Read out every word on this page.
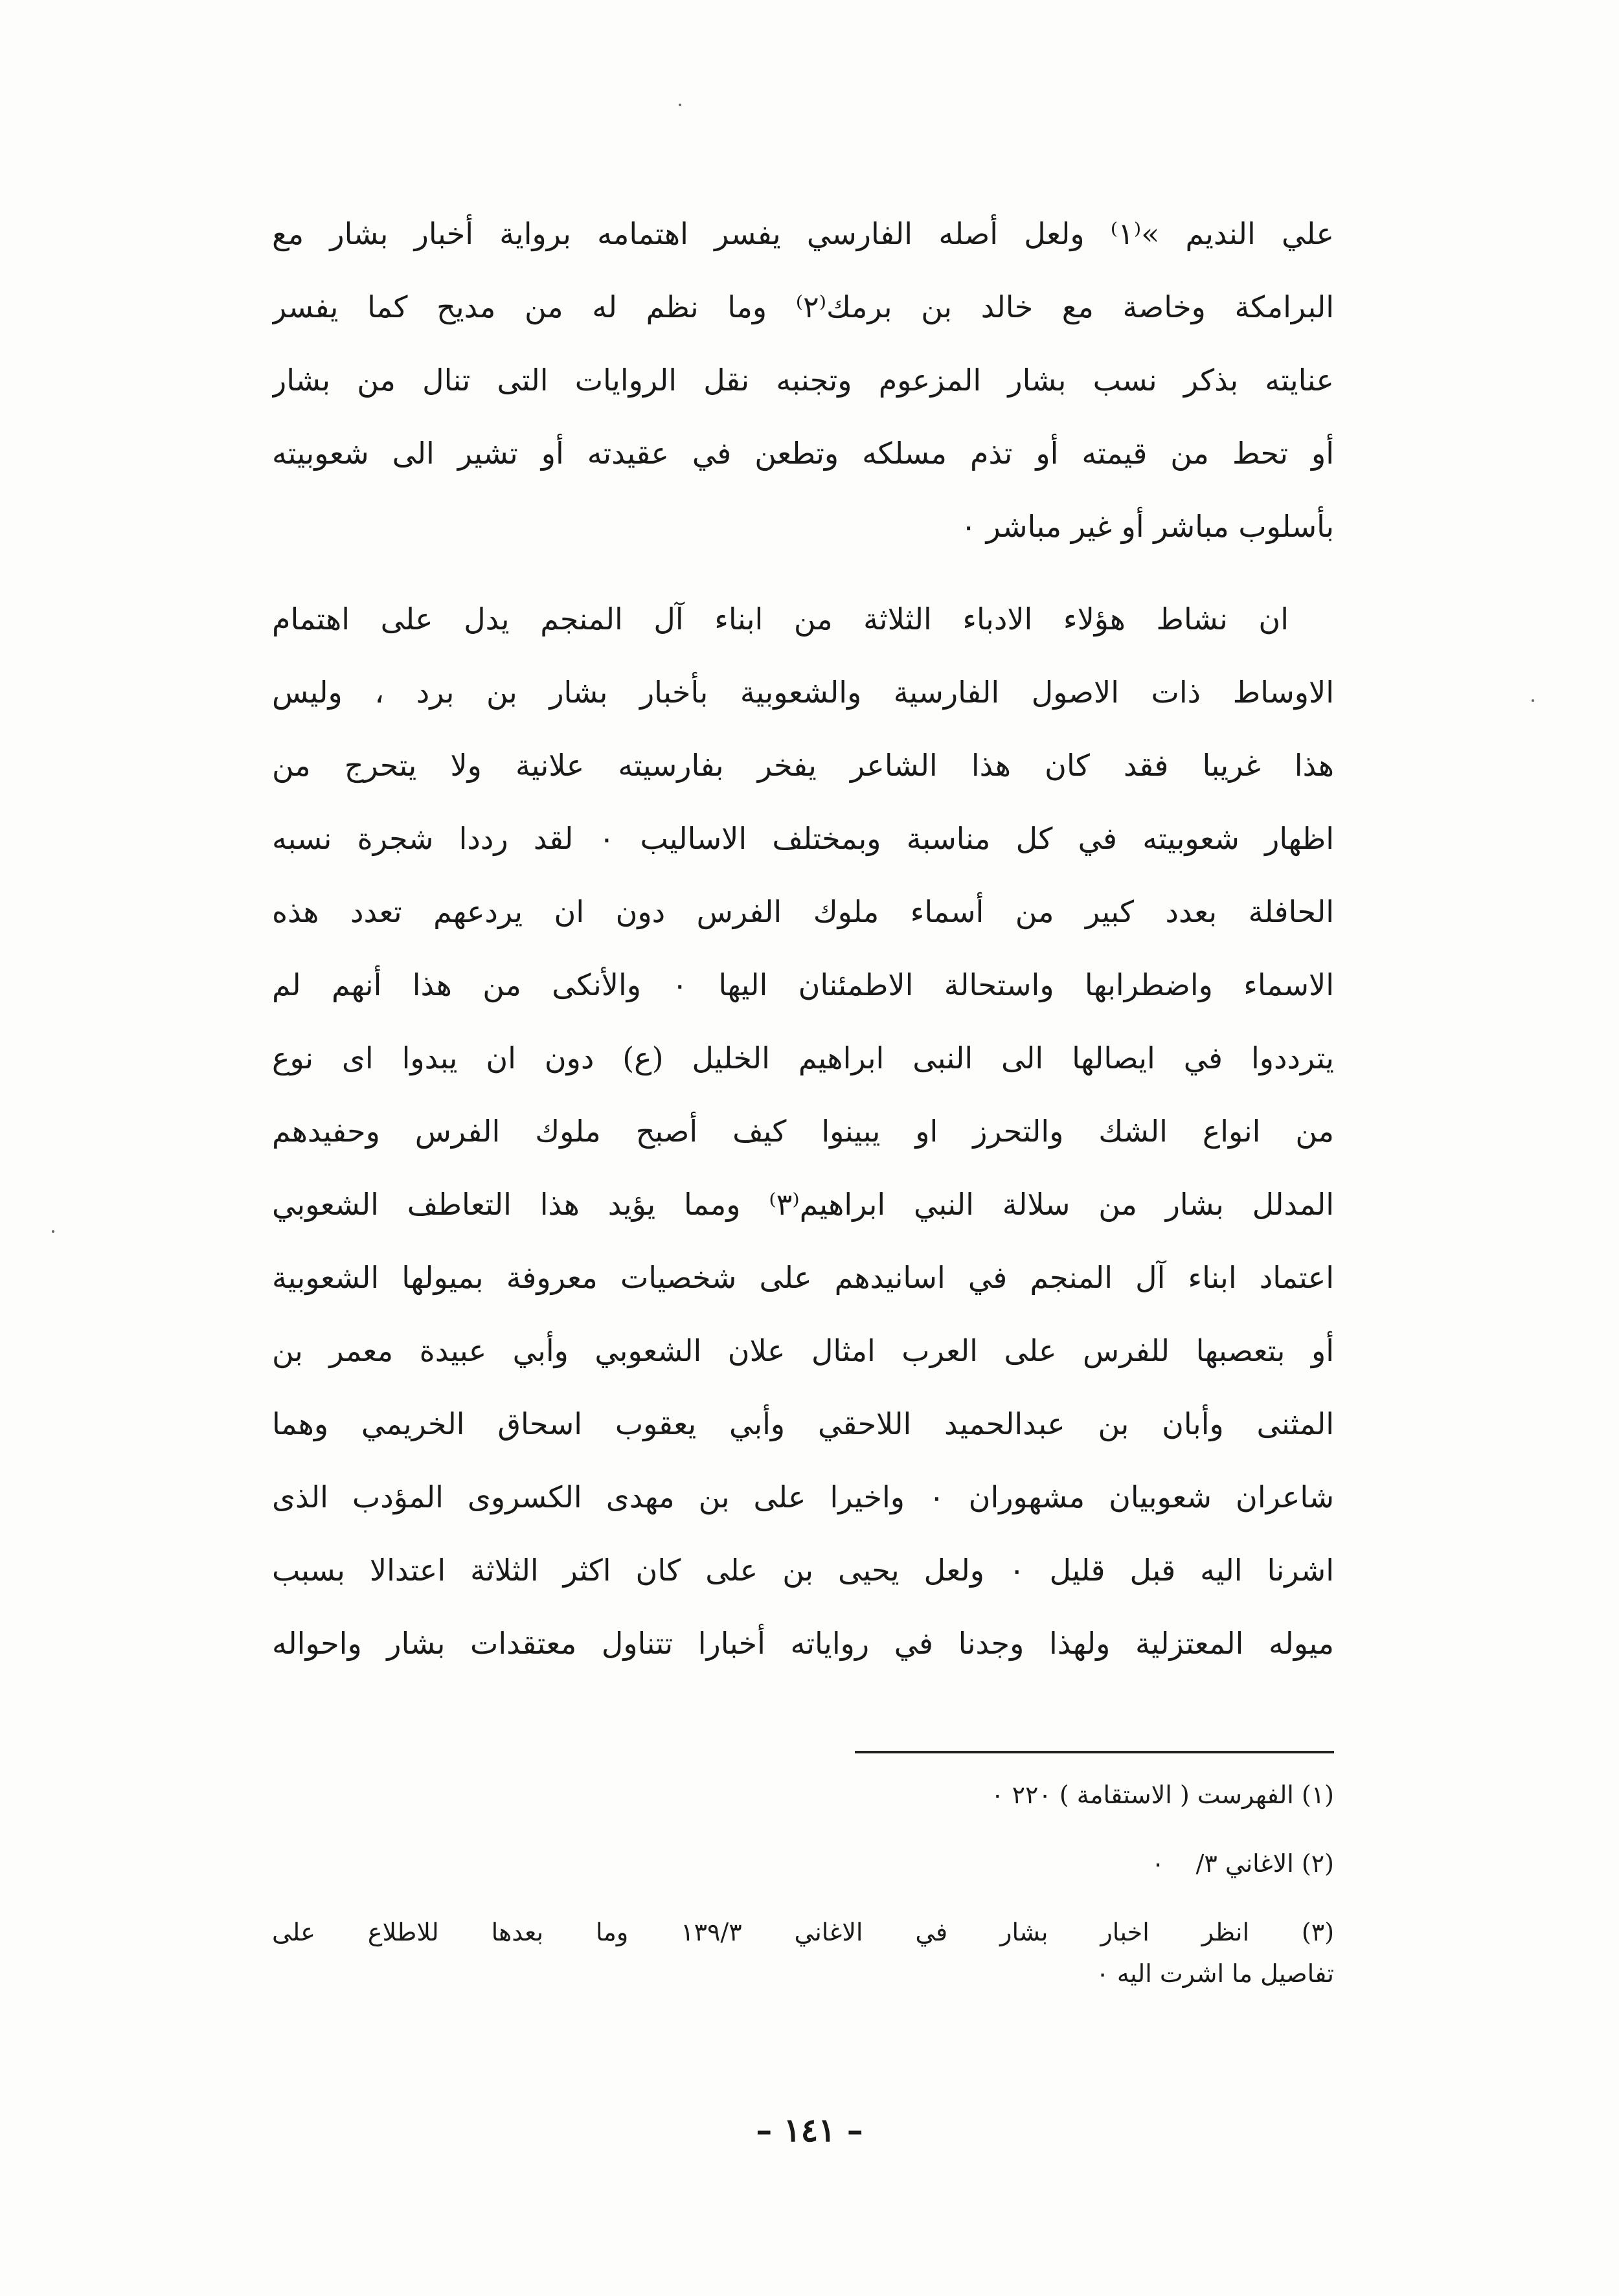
علي النديم »⁽١⁾ ولعل أصله الفارسي يفسر اهتمامه برواية أخبار بشار مع
البرامكة وخاصة مع خالد بن برمك⁽٢⁾ وما نظم له من مديح كما يفسر
عنايته بذكر نسب بشار المزعوم وتجنبه نقل الروايات التى تنال من بشار
أو تحط من قيمته أو تذم مسلكه وتطعن في عقيدته أو تشير الى شعوبيته
بأسلوب مباشر أو غير مباشر ٠
ان نشاط هؤلاء الادباء الثلاثة من ابناء آل المنجم يدل على اهتمام
الاوساط ذات الاصول الفارسية والشعوبية بأخبار بشار بن برد ، وليس
هذا غريبا فقد كان هذا الشاعر يفخر بفارسيته علانية ولا يتحرج من
اظهار شعوبيته في كل مناسبة وبمختلف الاساليب ٠ لقد رددا شجرة نسبه
الحافلة بعدد كبير من أسماء ملوك الفرس دون ان يردعهم تعدد هذه
الاسماء واضطرابها واستحالة الاطمئنان اليها ٠ والأنكى من هذا أنهم لم
يترددوا في ايصالها الى النبى ابراهيم الخليل (ع) دون ان يبدوا اى نوع
من انواع الشك والتحرز او يبينوا كيف أصبح ملوك الفرس وحفيدهم
المدلل بشار من سلالة النبي ابراهيم⁽٣⁾ ومما يؤيد هذا التعاطف الشعوبي
اعتماد ابناء آل المنجم في اسانيدهم على شخصيات معروفة بميولها الشعوبية
أو بتعصبها للفرس على العرب امثال علان الشعوبي وأبي عبيدة معمر بن
المثنى وأبان بن عبدالحميد اللاحقي وأبي يعقوب اسحاق الخريمي وهما
شاعران شعوبيان مشهوران ٠ واخيرا على بن مهدى الكسروى المؤدب الذى
اشرنا اليه قبل قليل ٠ ولعل يحيى بن على كان اكثر الثلاثة اعتدالا بسبب
ميوله المعتزلية ولهذا وجدنا في رواياته أخبارا تتناول معتقدات بشار واحواله
(١) الفهرست ( الاستقامة ) ٢٢٠ ٠
(٢) الاغاني ٣/    ٠
(٣) انظر اخبار بشار في الاغاني ١٣٩/٣ وما بعدها للاطلاع على
تفاصيل ما اشرت اليه ٠
– ١٤١ –
